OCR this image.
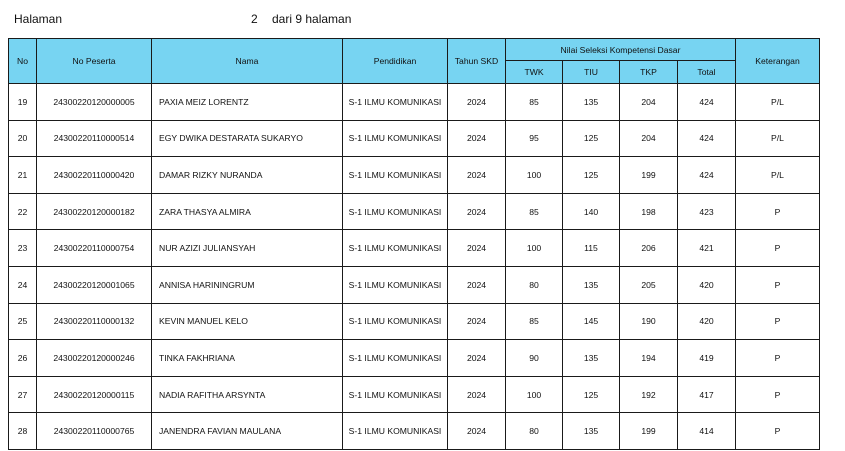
Halaman	2 dari 9 halaman
No	No Peserta	Nama	Pendidikan	Tahun SKD	Nilai Seleksi Kompetensi Dasar				Keterangan
					TWK	TIU	TKP	Total	
19	24300220120000005	PAXIA MEIZ LORENTZ	S-1 ILMU KOMUNIKASI	2024	85	135	204	424	P/L
20	24300220110000514	EGY DWIKA DESTARATA SUKARYO	S-1 ILMU KOMUNIKASI	2024	95	125	204	424	P/L
21	24300220110000420	DAMAR RIZKY NURANDA	S-1 ILMU KOMUNIKASI	2024	100	125	199	424	P/L
22	24300220120000182	ZARA THASYA ALMIRA	S-1 ILMU KOMUNIKASI	2024	85	140	198	423	P
23	24300220110000754	NUR AZIZI JULIANSYAH	S-1 ILMU KOMUNIKASI	2024	100	115	206	421	P
24	24300220120001065	ANNISA HARININGRUM	S-1 ILMU KOMUNIKASI	2024	80	135	205	420	P
25	24300220110000132	KEVIN MANUEL KELO	S-1 ILMU KOMUNIKASI	2024	85	145	190	420	P
26	24300220120000246	TINKA FAKHRIANA	S-1 ILMU KOMUNIKASI	2024	90	135	194	419	P
27	24300220120000115	NADIA RAFITHA ARSYNTA	S-1 ILMU KOMUNIKASI	2024	100	125	192	417	P
28	24300220110000765	JANENDRA FAVIAN MAULANA	S-1 ILMU KOMUNIKASI	2024	80	135	199	414	P
